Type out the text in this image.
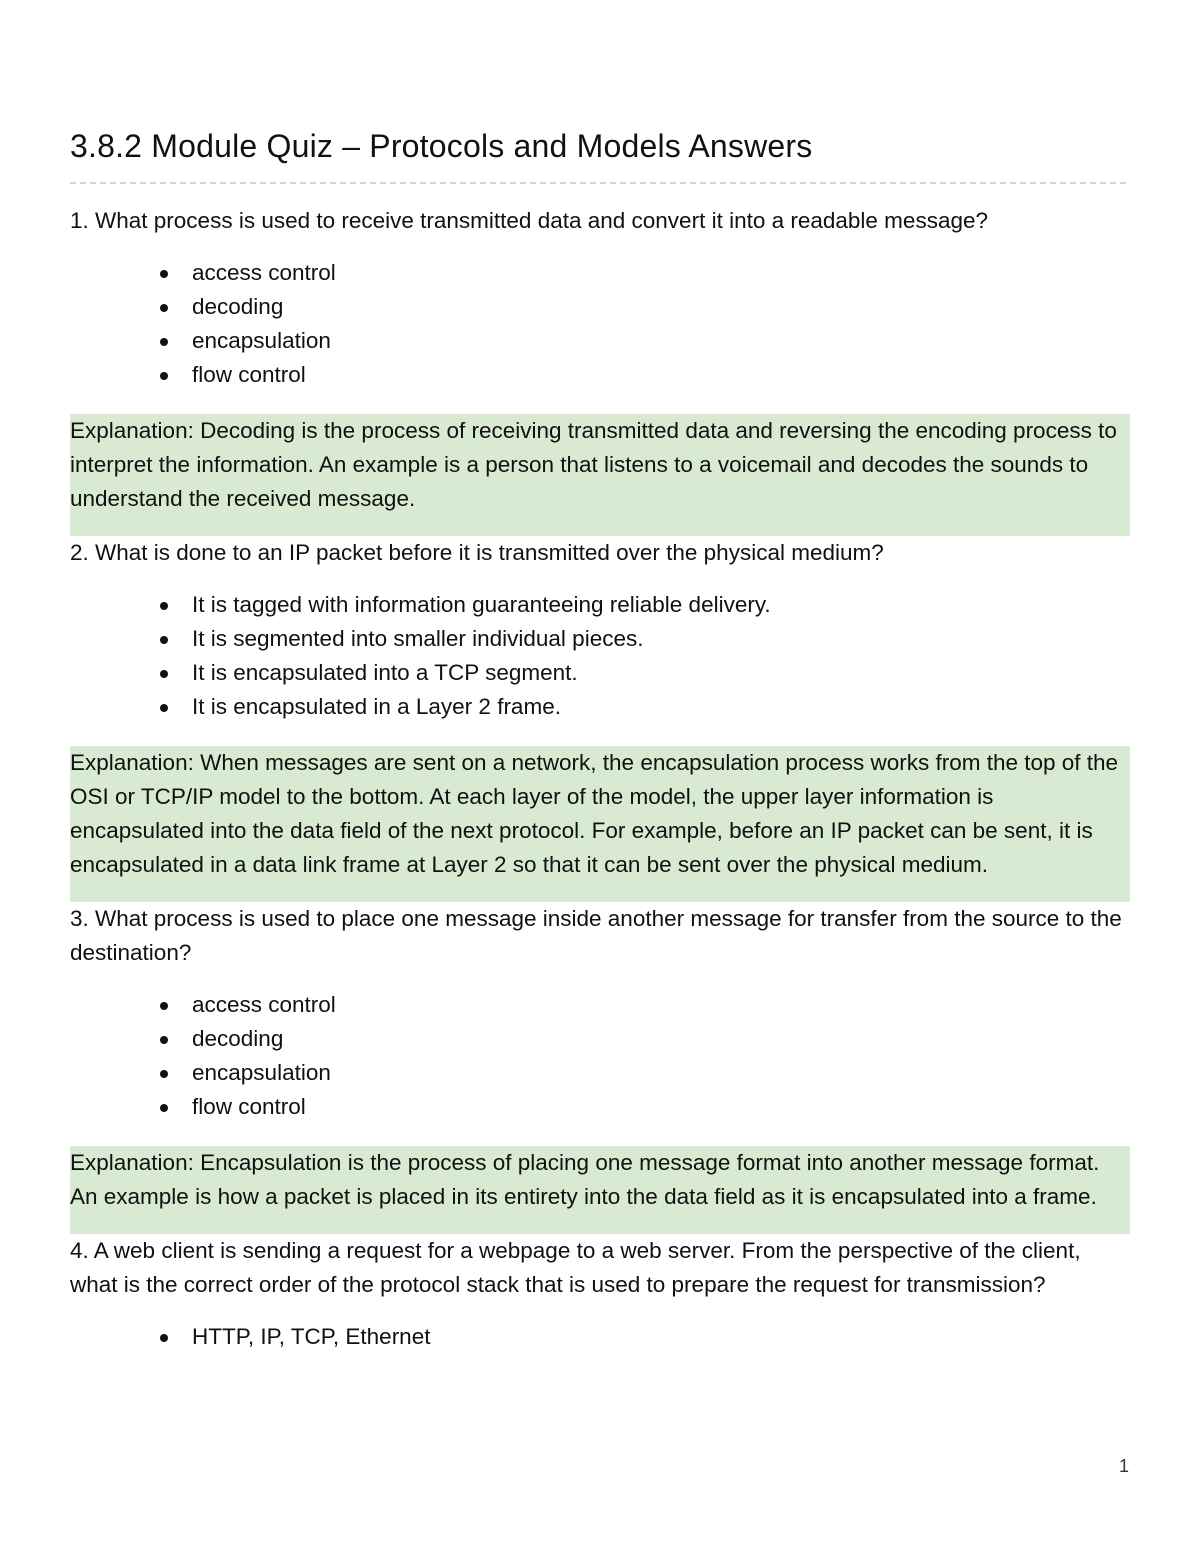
3.8.2 Module Quiz – Protocols and Models Answers

1. What process is used to receive transmitted data and convert it into a readable message?

access control
decoding
encapsulation
flow control
Explanation: Decoding is the process of receiving transmitted data and reversing the encoding process to interpret the information. An example is a person that listens to a voicemail and decodes the sounds to understand the received message.

2. What is done to an IP packet before it is transmitted over the physical medium?

It is tagged with information guaranteeing reliable delivery.
It is segmented into smaller individual pieces.
It is encapsulated into a TCP segment.
It is encapsulated in a Layer 2 frame.
Explanation: When messages are sent on a network, the encapsulation process works from the top of the OSI or TCP/IP model to the bottom. At each layer of the model, the upper layer information is encapsulated into the data field of the next protocol. For example, before an IP packet can be sent, it is encapsulated in a data link frame at Layer 2 so that it can be sent over the physical medium.

3. What process is used to place one message inside another message for transfer from the source to the destination?

access control
decoding
encapsulation
flow control
Explanation: Encapsulation is the process of placing one message format into another message format. An example is how a packet is placed in its entirety into the data field as it is encapsulated into a frame.

4. A web client is sending a request for a webpage to a web server. From the perspective of the client, what is the correct order of the protocol stack that is used to prepare the request for transmission?

HTTP, IP, TCP, Ethernet
1
